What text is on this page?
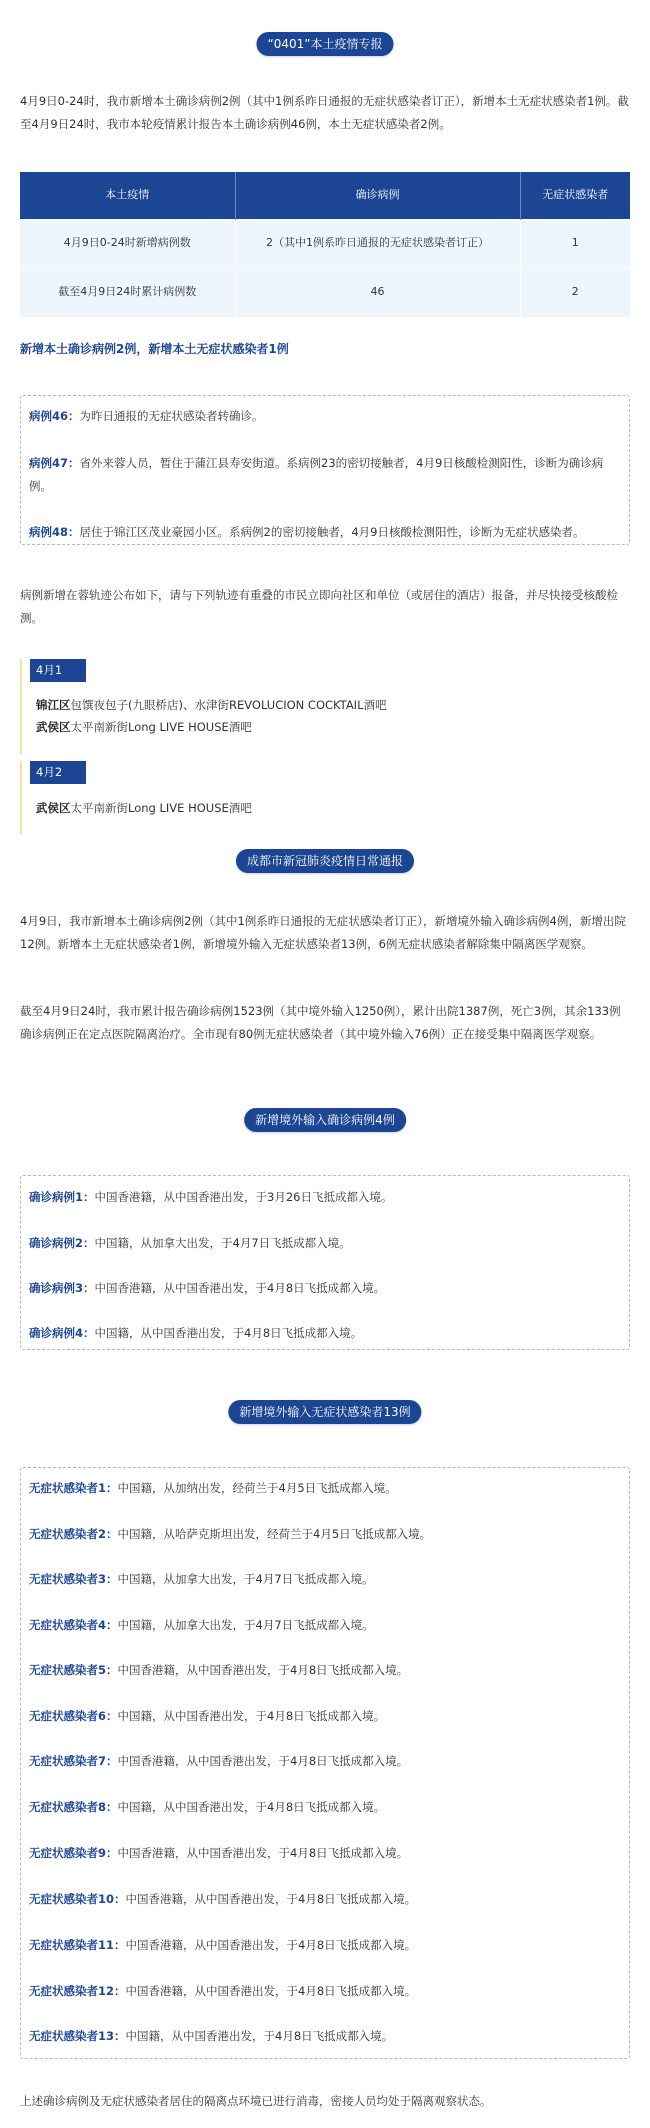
“0401”本土疫情专报

4月9日0-24时，我市新增本土确诊病例2例（其中1例系昨日通报的无症状感染者订正），新增本土无症状感染者1例。截至4月9日24时，我市本轮疫情累计报告本土确诊病例46例，本土无症状感染者2例。

本土疫情	确诊病例	无症状感染者
4月9日0-24时新增病例数	2（其中1例系昨日通报的无症状感染者订正）	1
截至4月9日24时累计病例数	46	2
新增本土确诊病例2例，新增本土无症状感染者1例
病例46：为昨日通报的无症状感染者转确诊。
病例47：省外来蓉人员，暂住于蒲江县寿安街道。系病例23的密切接触者，4月9日核酸检测阳性，诊断为确诊病例。
病例48：居住于锦江区茂业豪园小区。系病例2的密切接触者，4月9日核酸检测阳性，诊断为无症状感染者。

病例新增在蓉轨迹公布如下，请与下列轨迹有重叠的市民立即向社区和单位（或居住的酒店）报备，并尽快接受核酸检测。

4月1日：
锦江区包馔夜包子(九眼桥店)、水津街REVOLUCION COCKTAIL酒吧
武侯区太平南新街Long LIVE HOUSE酒吧
4月2日：
武侯区太平南新街Long LIVE HOUSE酒吧
成都市新冠肺炎疫情日常通报

4月9日，我市新增本土确诊病例2例（其中1例系昨日通报的无症状感染者订正），新增境外输入确诊病例4例，新增出院12例。新增本土无症状感染者1例，新增境外输入无症状感染者13例，6例无症状感染者解除集中隔离医学观察。

截至4月9日24时，我市累计报告确诊病例1523例（其中境外输入1250例），累计出院1387例，死亡3例，其余133例确诊病例正在定点医院隔离治疗。全市现有80例无症状感染者（其中境外输入76例）正在接受集中隔离医学观察。

新增境外输入确诊病例4例
确诊病例1：中国香港籍，从中国香港出发，于3月26日飞抵成都入境。
确诊病例2：中国籍，从加拿大出发，于4月7日飞抵成都入境。
确诊病例3：中国香港籍，从中国香港出发，于4月8日飞抵成都入境。
确诊病例4：中国籍，从中国香港出发，于4月8日飞抵成都入境。
新增境外输入无症状感染者13例
无症状感染者1：中国籍，从加纳出发，经荷兰于4月5日飞抵成都入境。
无症状感染者2：中国籍，从哈萨克斯坦出发，经荷兰于4月5日飞抵成都入境。
无症状感染者3：中国籍，从加拿大出发，于4月7日飞抵成都入境。
无症状感染者4：中国籍，从加拿大出发，于4月7日飞抵成都入境。
无症状感染者5：中国香港籍，从中国香港出发，于4月8日飞抵成都入境。
无症状感染者6：中国籍，从中国香港出发，于4月8日飞抵成都入境。
无症状感染者7：中国香港籍，从中国香港出发，于4月8日飞抵成都入境。
无症状感染者8：中国籍，从中国香港出发，于4月8日飞抵成都入境。
无症状感染者9：中国香港籍，从中国香港出发，于4月8日飞抵成都入境。
无症状感染者10：中国香港籍，从中国香港出发，于4月8日飞抵成都入境。
无症状感染者11：中国香港籍，从中国香港出发，于4月8日飞抵成都入境。
无症状感染者12：中国香港籍，从中国香港出发，于4月8日飞抵成都入境。
无症状感染者13：中国籍，从中国香港出发，于4月8日飞抵成都入境。

上述确诊病例及无症状感染者居住的隔离点环境已进行消毒，密接人员均处于隔离观察状态。
